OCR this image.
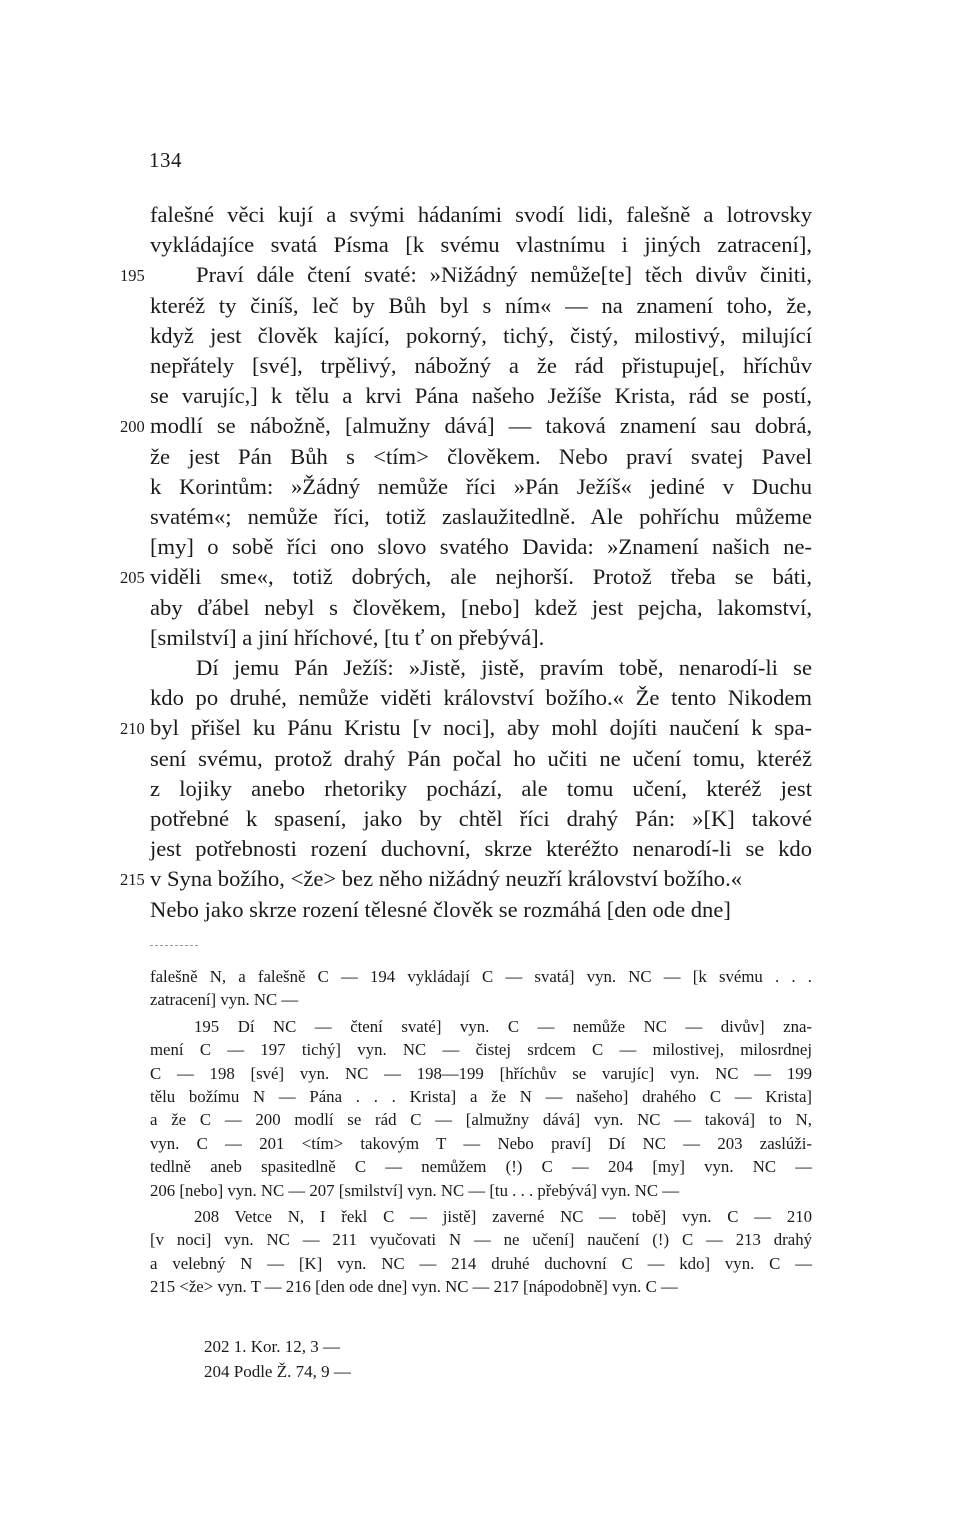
134
falešné věci kují a svými hádaními svodí lidi, falešně a lotrovsky
vykládajíce svatá Písma [k svému vlastnímu i jiných zatracení],
Praví dále čtení svaté: »Nižádný nemůže[te] těch divův činiti,
195
kteréž ty činíš, leč by Bůh byl s ním« — na znamení toho, že,
když jest člověk kající, pokorný, tichý, čistý, milostivý, milující
nepřátely [své], trpělivý, nábožný a že rád přistupuje[, hříchův
se varujíc,] k tělu a krvi Pána našeho Ježíše Krista, rád se postí,
modlí se nábožně, [almužny dává] — taková znamení sau dobrá,
200
že jest Pán Bůh s <tím> člověkem. Nebo praví svatej Pavel
k Korintům: »Žádný nemůže říci »Pán Ježíš« jediné v Duchu
svatém«; nemůže říci, totiž zaslaužitedlně. Ale pohříchu můžeme
[my] o sobě říci ono slovo svatého Davida: »Znamení našich ne-
viděli sme«, totiž dobrých, ale nejhorší. Protož třeba se báti,
205
aby ďábel nebyl s člověkem, [nebo] kdež jest pejcha, lakomství,
[smilství] a jiní hříchové, [tu ť on přebývá].
Dí jemu Pán Ježíš: »Jistě, jistě, pravím tobě, nenarodí-li se
kdo po druhé, nemůže viděti království božího.« Že tento Nikodem
byl přišel ku Pánu Kristu [v noci], aby mohl dojíti naučení k spa-
210
sení svému, protož drahý Pán počal ho učiti ne učení tomu, kteréž
z lojiky anebo rhetoriky pochází, ale tomu učení, kteréž jest
potřebné k spasení, jako by chtěl říci drahý Pán: »[K] takové
jest potřebnosti rození duchovní, skrze kteréžto nenarodí-li se kdo
v Syna božího, <že> bez něho nižádný neuzří království božího.«
215
Nebo jako skrze rození tělesné člověk se rozmáhá [den ode dne]
falešně N, a falešně C — 194 vykládají C — svatá] vyn. NC — [k svému . . .
zatracení] vyn. NC —
195 Dí NC — čtení svaté] vyn. C — nemůže NC — divův] zna-
mení C — 197 tichý] vyn. NC — čistej srdcem C — milostivej, milosrdnej
C — 198 [své] vyn. NC — 198—199 [hříchův se varujíc] vyn. NC — 199
tělu božímu N — Pána . . . Krista] a že N — našeho] drahého C — Krista]
a že C — 200 modlí se rád C — [almužny dává] vyn. NC — taková] to N,
vyn. C — 201 <tím> takovým T — Nebo praví] Dí NC — 203 zaslúži-
tedlně aneb spasitedlně C — nemůžem (!) C — 204 [my] vyn. NC —
206 [nebo] vyn. NC — 207 [smilství] vyn. NC — [tu . . . přebývá] vyn. NC —
208 Vetce N, I řekl C — jistě] zaverné NC — tobě] vyn. C — 210
[v noci] vyn. NC — 211 vyučovati N — ne učení] naučení (!) C — 213 drahý
a velebný N — [K] vyn. NC — 214 druhé duchovní C — kdo] vyn. C —
215 <že> vyn. T — 216 [den ode dne] vyn. NC — 217 [nápodobně] vyn. C —
202 1. Kor. 12, 3 —
204 Podle Ž. 74, 9 —
